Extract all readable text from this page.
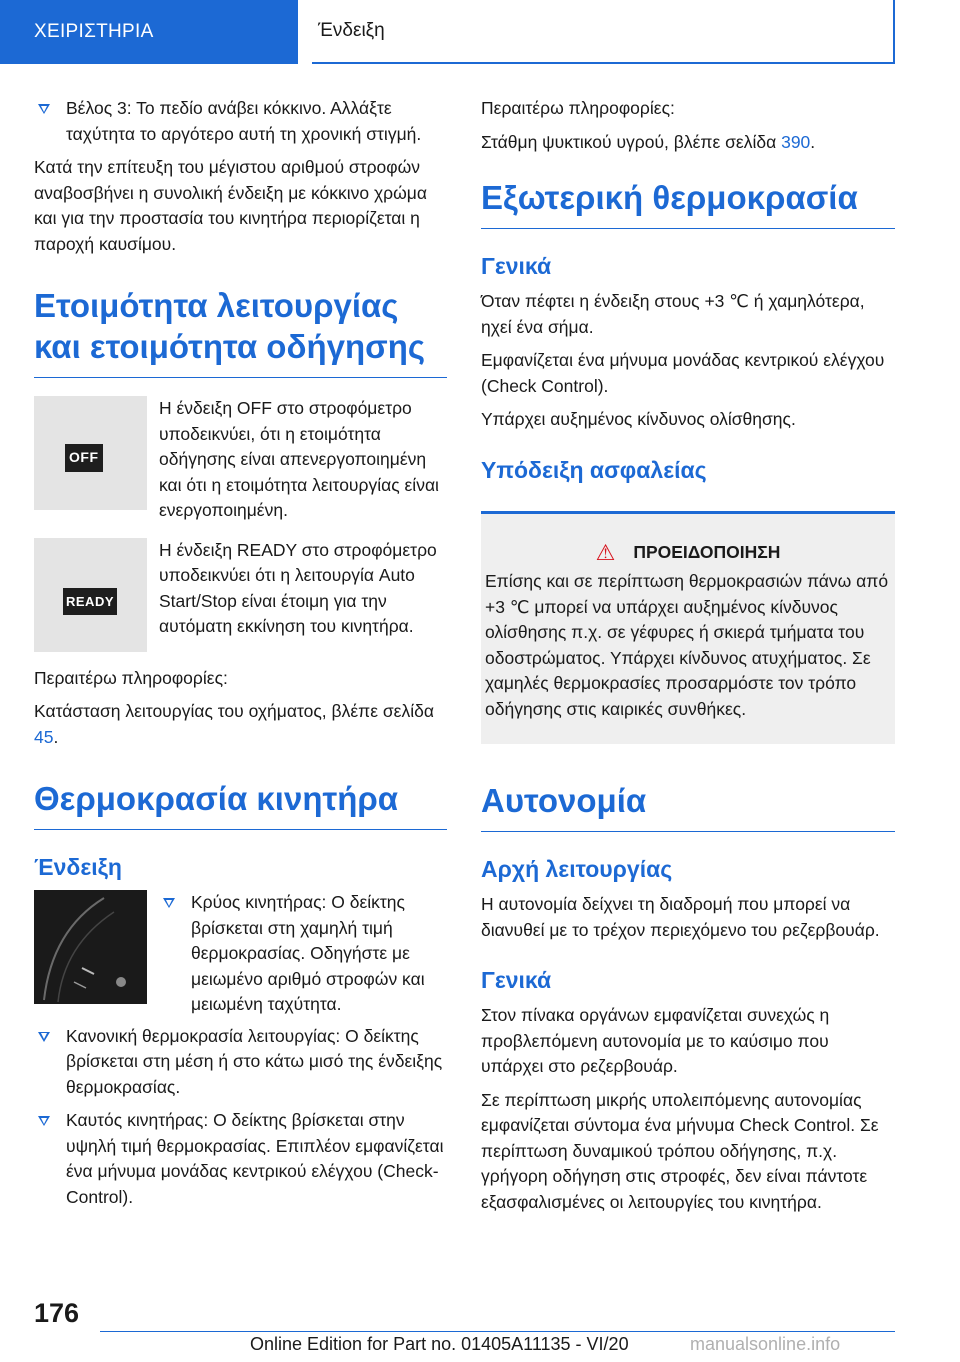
ΧΕΙΡΙΣΤΗΡΙΑ	Ένδειξη
Βέλος 3: Το πεδίο ανάβει κόκκινο. Αλλάξτε ταχύτητα το αργότερο αυτή τη χρονική στιγμή.

Κατά την επίτευξη του μέγιστου αριθμού στροφών αναβοσβήνει η συνολική ένδειξη με κόκκινο χρώμα και για την προστασία του κινητήρα περιορίζεται η παροχή καυσίμου.

Ετοιμότητα λειτουργίας και ετοιμότητα οδήγησης
OFF
Η ένδειξη OFF στο στροφόμετρο υποδεικνύει, ότι η ετοιμότητα οδήγησης είναι απενεργοποιημένη και ότι η ετοιμότητα λειτουργίας είναι ενεργοποιημένη.
READY
Η ένδειξη READY στο στροφόμετρο υποδεικνύει ότι η λειτουργία Auto Start/Stop είναι έτοιμη για την αυτόματη εκκίνηση του κινητήρα.

Περαιτέρω πληροφορίες:

Κατάσταση λειτουργίας του οχήματος, βλέπε σελίδα 45.

Θερμοκρασία κινητήρα
Ένδειξη
Κρύος κινητήρας: Ο δείκτης βρίσκεται στη χαμηλή τιμή θερμοκρασίας. Οδηγήστε με μειωμένο αριθμό στροφών και μειωμένη ταχύτητα.
Κανονική θερμοκρασία λειτουργίας: Ο δείκτης βρίσκεται στη μέση ή στο κάτω μισό της ένδειξης θερμοκρασίας.
Καυτός κινητήρας: Ο δείκτης βρίσκεται στην υψηλή τιμή θερμοκρασίας. Επιπλέον εμφανίζεται ένα μήνυμα μονάδας κεντρικού ελέγχου (Check-Control).

Περαιτέρω πληροφορίες:

Στάθμη ψυκτικού υγρού, βλέπε σελίδα 390.

Εξωτερική θερμοκρασία
Γενικά

Όταν πέφτει η ένδειξη στους +3 ℃ ή χαμηλότερα, ηχεί ένα σήμα.

Εμφανίζεται ένα μήνυμα μονάδας κεντρικού ελέγχου (Check Control).

Υπάρχει αυξημένος κίνδυνος ολίσθησης.

Υπόδειξη ασφαλείας
⚠ ΠΡΟΕΙΔΟΠΟΙΗΣΗ
Επίσης και σε περίπτωση θερμοκρασιών πάνω από +3 ℃ μπορεί να υπάρχει αυξημένος κίνδυνος ολίσθησης π.χ. σε γέφυρες ή σκιερά τμήματα του οδοστρώματος. Υπάρχει κίνδυνος ατυχήματος. Σε χαμηλές θερμοκρασίες προσαρμόστε τον τρόπο οδήγησης στις καιρικές συνθήκες.
Αυτονομία
Αρχή λειτουργίας

Η αυτονομία δείχνει τη διαδρομή που μπορεί να διανυθεί με το τρέχον περιεχόμενο του ρεζερβουάρ.

Γενικά

Στον πίνακα οργάνων εμφανίζεται συνεχώς η προβλεπόμενη αυτονομία με το καύσιμο που υπάρχει στο ρεζερβουάρ.

Σε περίπτωση μικρής υπολειπόμενης αυτονομίας εμφανίζεται σύντομα ένα μήνυμα Check Control. Σε περίπτωση δυναμικού τρόπου οδήγησης, π.χ. γρήγορη οδήγηση στις στροφές, δεν είναι πάντοτε εξασφαλισμένες οι λειτουργίες του κινητήρα.

176
Online Edition for Part no. 01405A11135 - VI/20	manualsonline.info
